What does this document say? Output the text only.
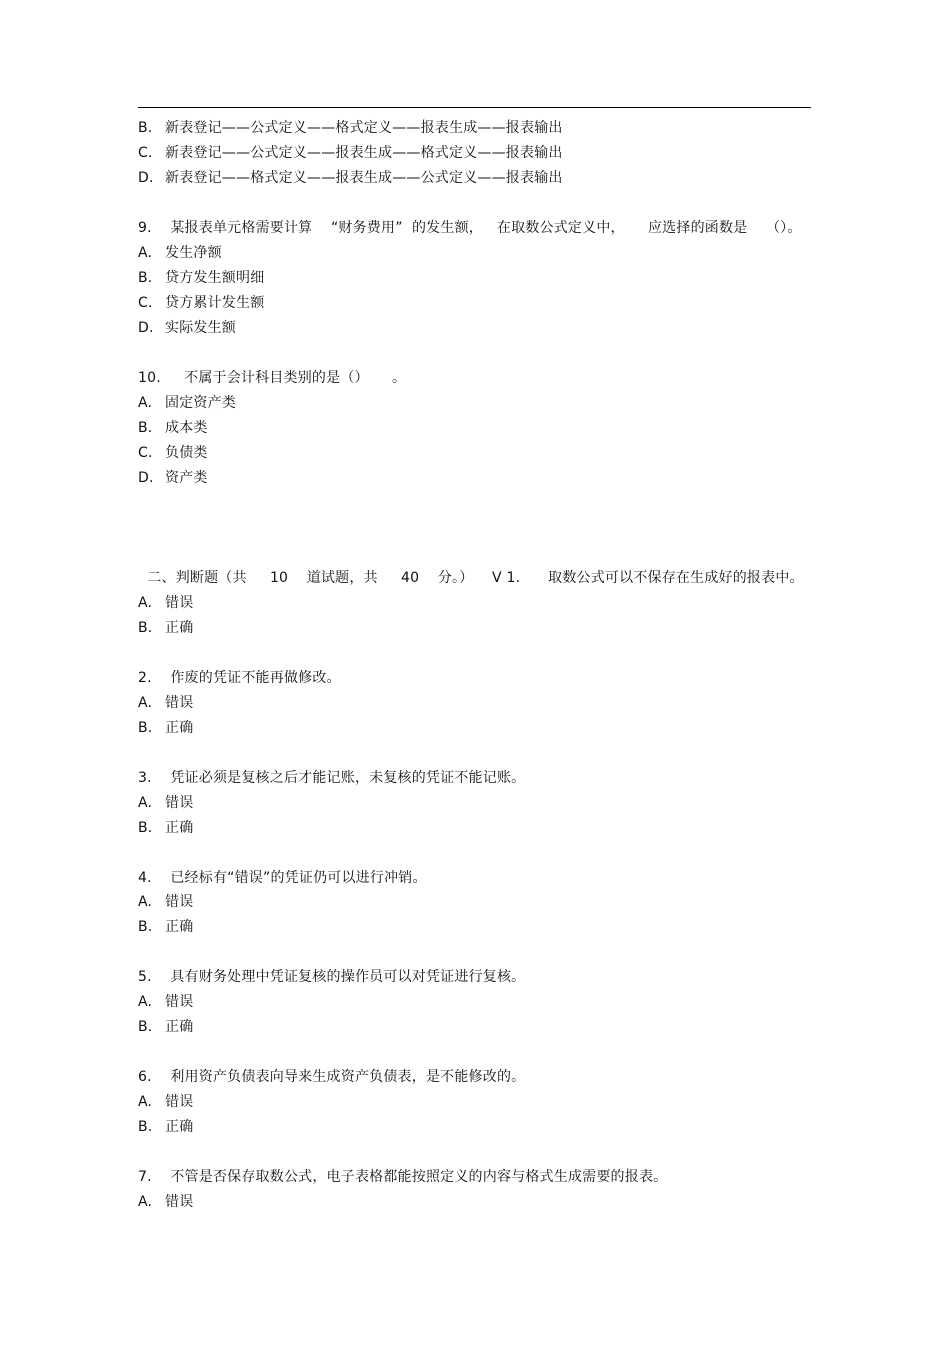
B. 新表登记——公式定义——格式定义——报表生成——报表输出
C. 新表登记——公式定义——报表生成——格式定义——报表输出
D. 新表登记——格式定义——报表生成——公式定义——报表输出
9.    某报表单元格需要计算    “财务费用”  的发生额，   在取数公式定义中，     应选择的函数是    （）。
A. 发生净额
B. 贷方发生额明细
C. 贷方累计发生额
D. 实际发生额
10.     不属于会计科目类别的是（）     。
A. 固定资产类
B. 成本类
C. 负债类
D. 资产类
二、判断题（共     10    道试题，共     40    分。）    V 1.      取数公式可以不保存在生成好的报表中。
A. 错误
B. 正确
2.    作废的凭证不能再做修改。
A. 错误
B. 正确
3.    凭证必须是复核之后才能记账，未复核的凭证不能记账。
A. 错误
B. 正确
4.    已经标有“错误”的凭证仍可以进行冲销。
A. 错误
B. 正确
5.    具有财务处理中凭证复核的操作员可以对凭证进行复核。
A. 错误
B. 正确
6.    利用资产负债表向导来生成资产负债表，是不能修改的。
A. 错误
B. 正确
7.    不管是否保存取数公式，电子表格都能按照定义的内容与格式生成需要的报表。
A. 错误
